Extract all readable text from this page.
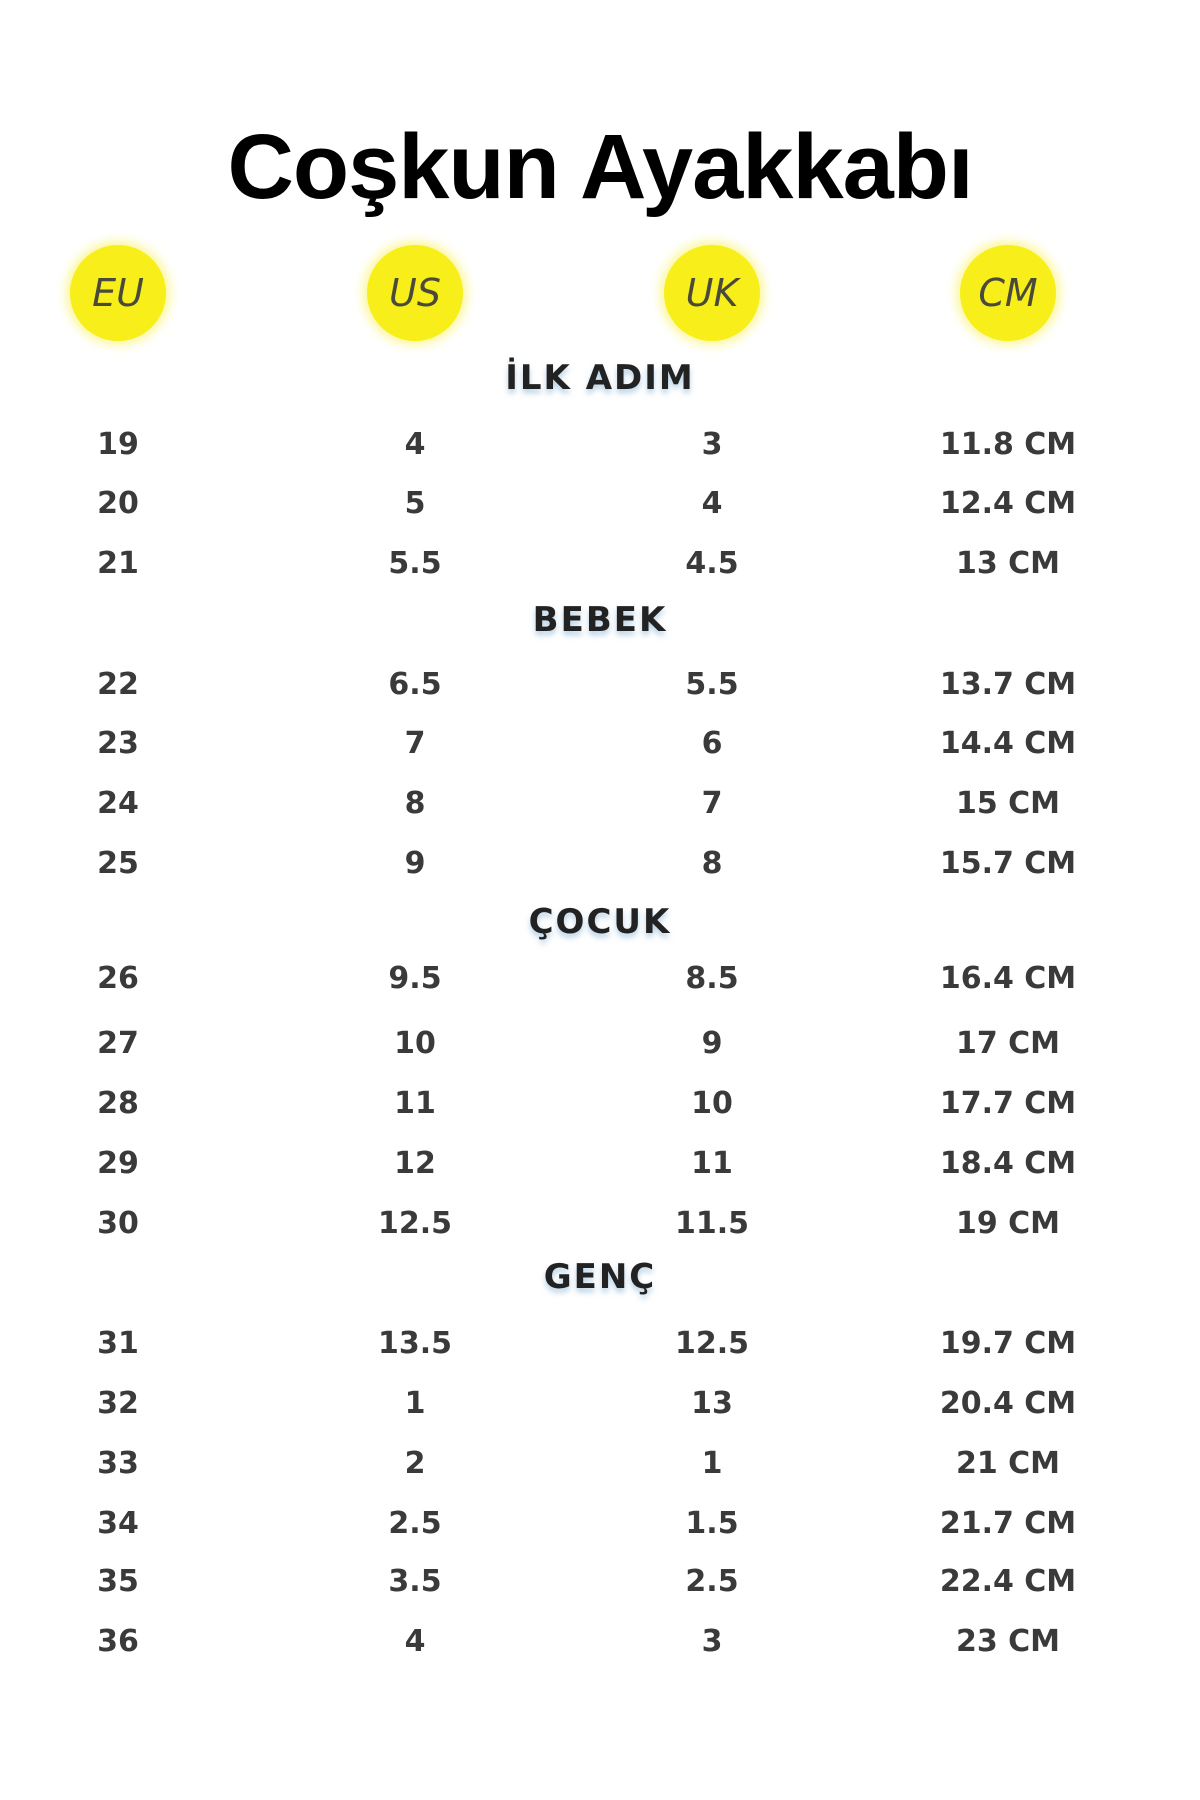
Coşkun Ayakkabı
EU	US	UK	CM
İLK ADIM
19	4	3	11.8 CM
20	5	4	12.4 CM
21	5.5	4.5	13 CM
BEBEK
22	6.5	5.5	13.7 CM
23	7	6	14.4 CM
24	8	7	15 CM
25	9	8	15.7 CM
ÇOCUK
26	9.5	8.5	16.4 CM
27	10	9	17 CM
28	11	10	17.7 CM
29	12	11	18.4 CM
30	12.5	11.5	19 CM
GENÇ
31	13.5	12.5	19.7 CM
32	1	13	20.4 CM
33	2	1	21 CM
34	2.5	1.5	21.7 CM
35	3.5	2.5	22.4 CM
36	4	3	23 CM
